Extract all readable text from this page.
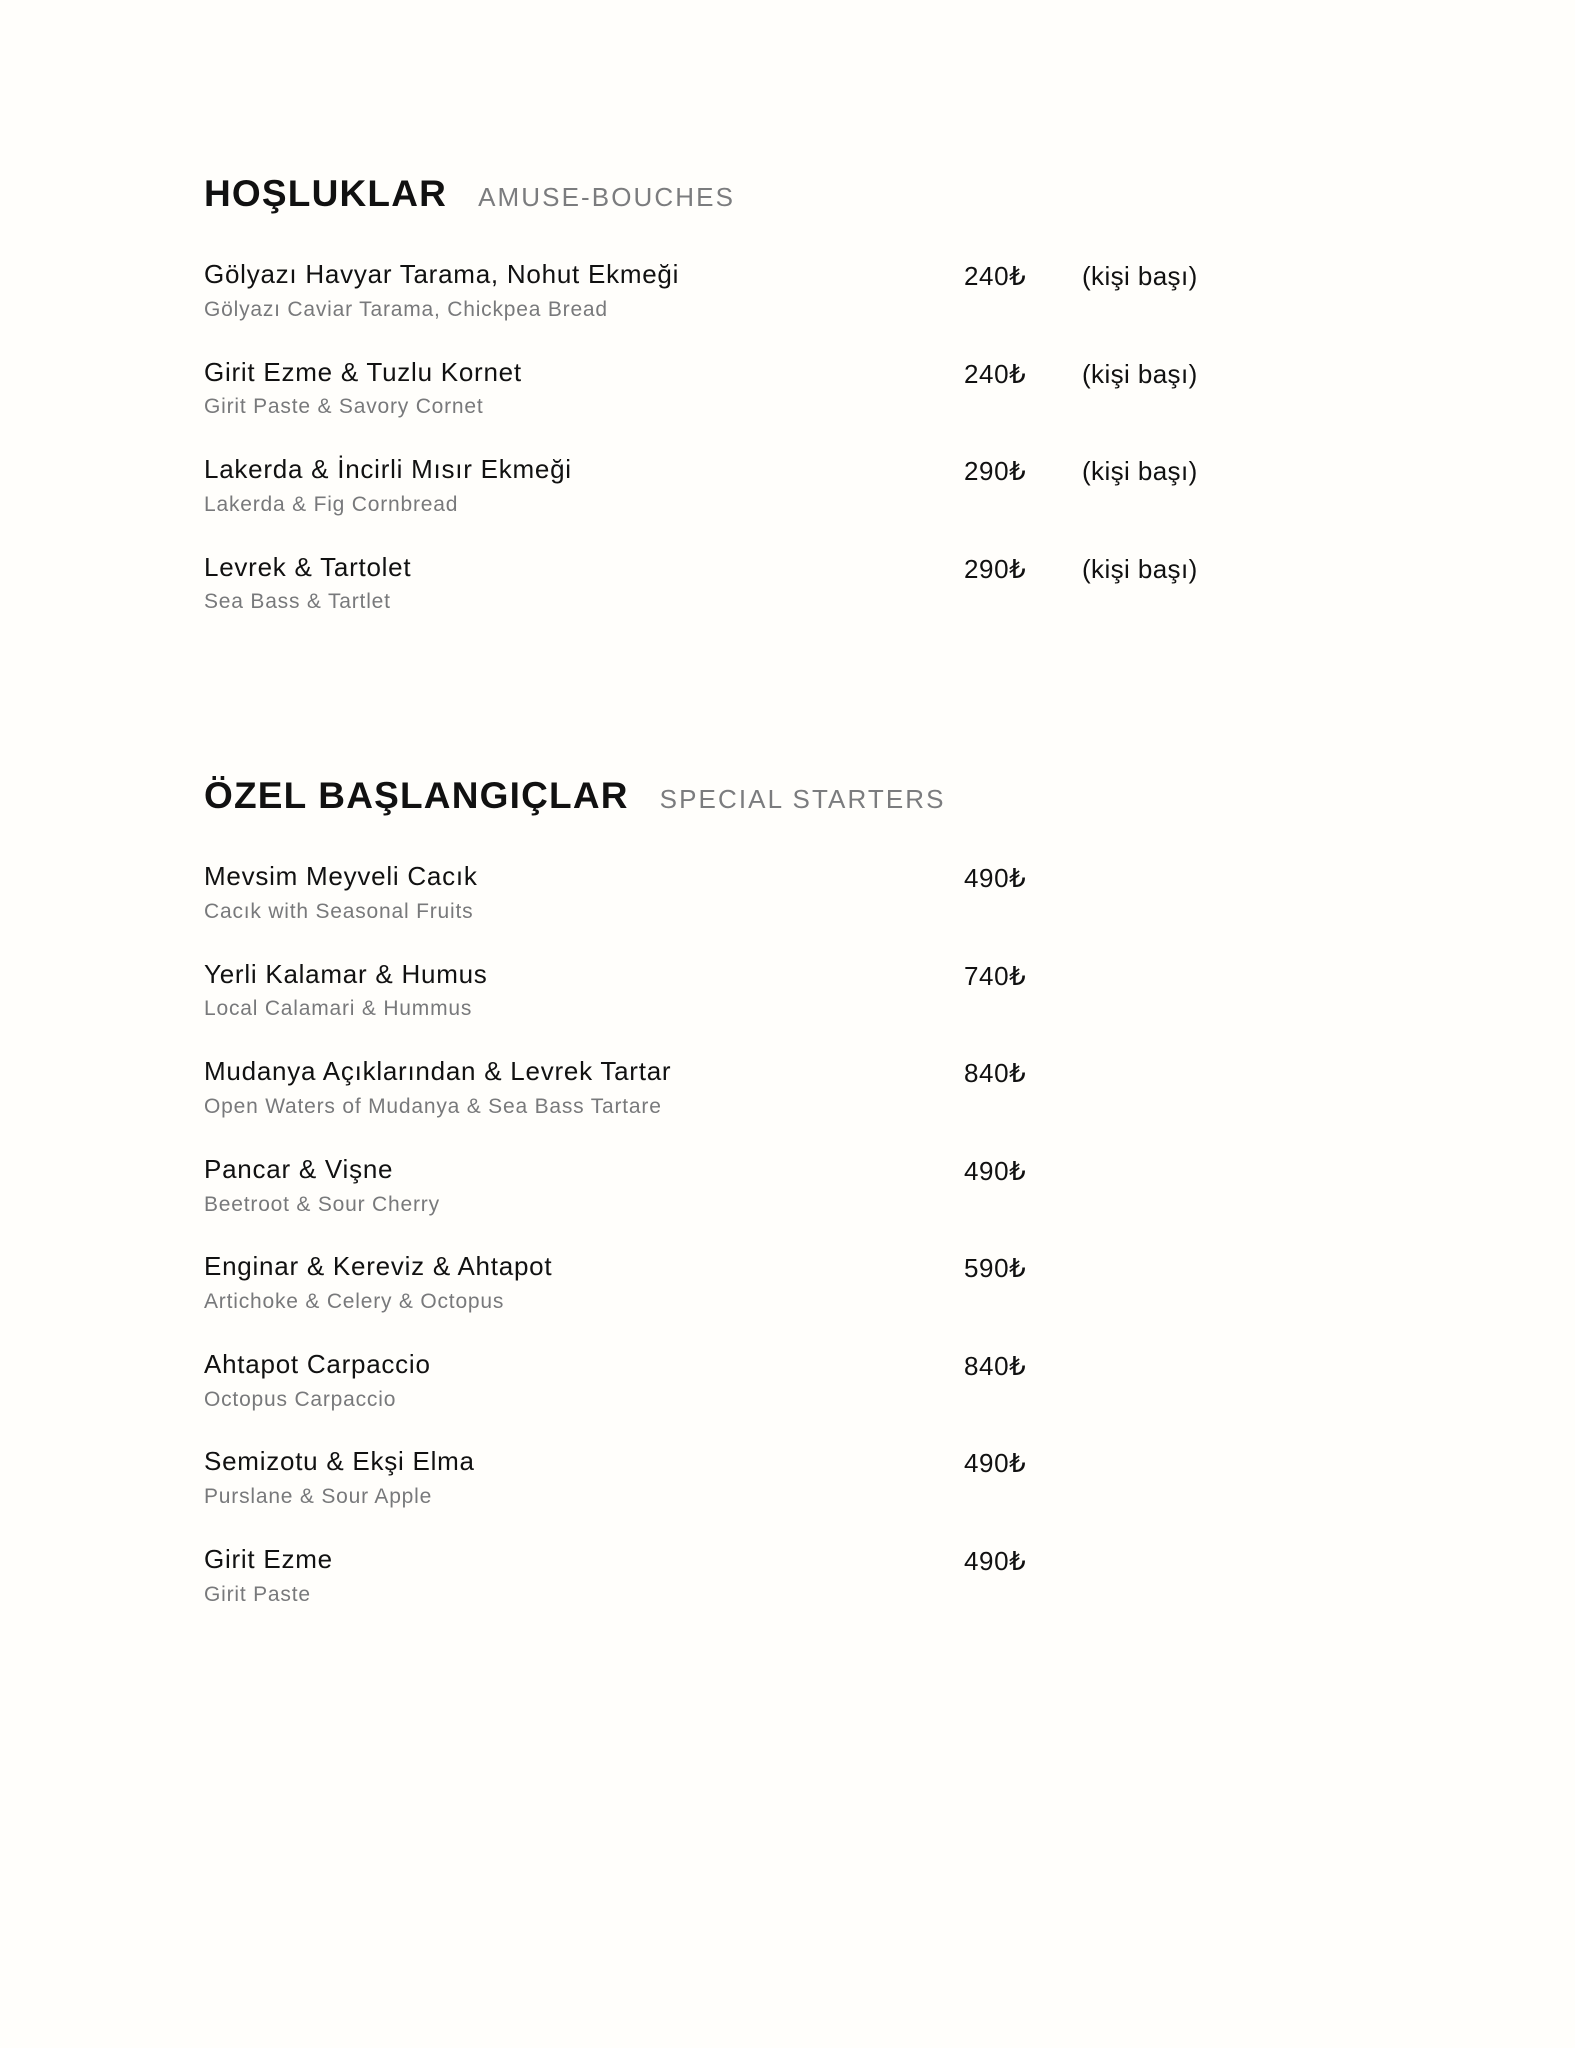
HOŞLUKLAR AMUSE-BOUCHES
Gölyazı Havyar Tarama, Nohut Ekmeği
Gölyazı Caviar Tarama, Chickpea Bread
240₺	(kişi başı)
Girit Ezme & Tuzlu Kornet
Girit Paste & Savory Cornet
240₺	(kişi başı)
Lakerda & İncirli Mısır Ekmeği
Lakerda & Fig Cornbread
290₺	(kişi başı)
Levrek & Tartolet
Sea Bass & Tartlet
290₺	(kişi başı)
ÖZEL BAŞLANGIÇLAR SPECIAL STARTERS
Mevsim Meyveli Cacık
Cacık with Seasonal Fruits
490₺
Yerli Kalamar & Humus
Local Calamari & Hummus
740₺
Mudanya Açıklarından & Levrek Tartar
Open Waters of Mudanya & Sea Bass Tartare
840₺
Pancar & Vişne
Beetroot & Sour Cherry
490₺
Enginar & Kereviz & Ahtapot
Artichoke & Celery & Octopus
590₺
Ahtapot Carpaccio
Octopus Carpaccio
840₺
Semizotu & Ekşi Elma
Purslane & Sour Apple
490₺
Girit Ezme
Girit Paste
490₺
